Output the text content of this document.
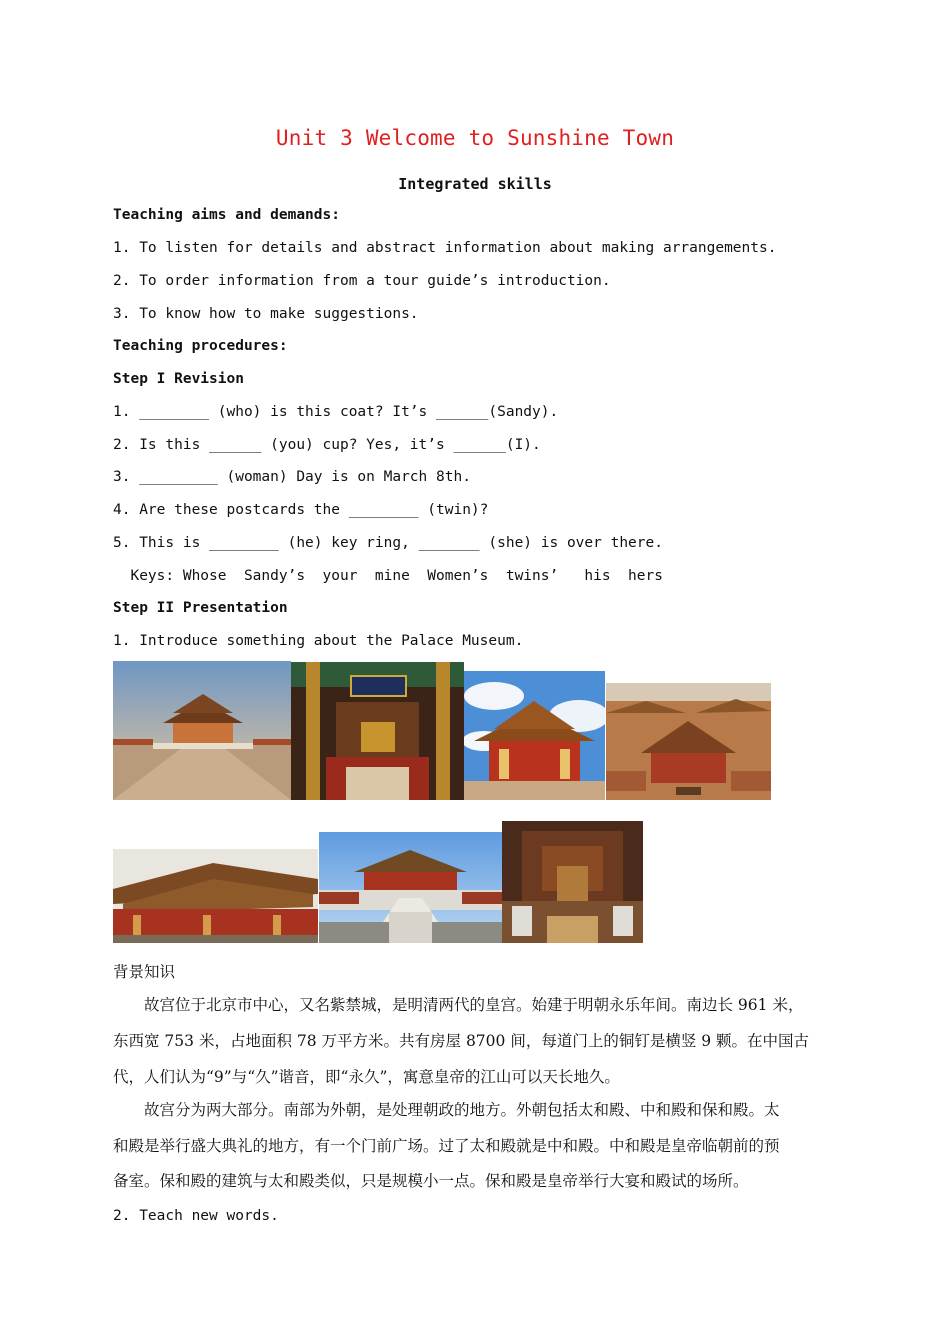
Unit 3 Welcome to Sunshine Town
Integrated skills
Teaching aims and demands:
1. To listen for details and abstract information about making arrangements.
2. To order information from a tour guide’s introduction.
3. To know how to make suggestions.
Teaching procedures:
Step I Revision
1. ________ (who) is this coat? It’s ______(Sandy).
2. Is this ______ (you) cup? Yes, it’s ______(I).
3. _________ (woman) Day is on March 8th.
4. Are these postcards the ________ (twin)?
5. This is ________ (he) key ring, _______ (she) is over there.
Keys: Whose  Sandy’s  your  mine  Women’s  twins’   his  hers
Step II Presentation
1. Introduce something about the Palace Museum.
背景知识
　　故宫位于北京市中心，又名紫禁城，是明清两代的皇宫。始建于明朝永乐年间。南边长 961 米，
东西宽 753 米，占地面积 78 万平方米。共有房屋 8700 间，每道门上的铜钉是横竖 9 颗。在中国古
代，人们认为“9”与“久”谐音，即“永久”，寓意皇帝的江山可以天长地久。
　　故宫分为两大部分。南部为外朝，是处理朝政的地方。外朝包括太和殿、中和殿和保和殿。太
和殿是举行盛大典礼的地方，有一个门前广场。过了太和殿就是中和殿。中和殿是皇帝临朝前的预
备室。保和殿的建筑与太和殿类似，只是规模小一点。保和殿是皇帝举行大宴和殿试的场所。
2. Teach new words.
